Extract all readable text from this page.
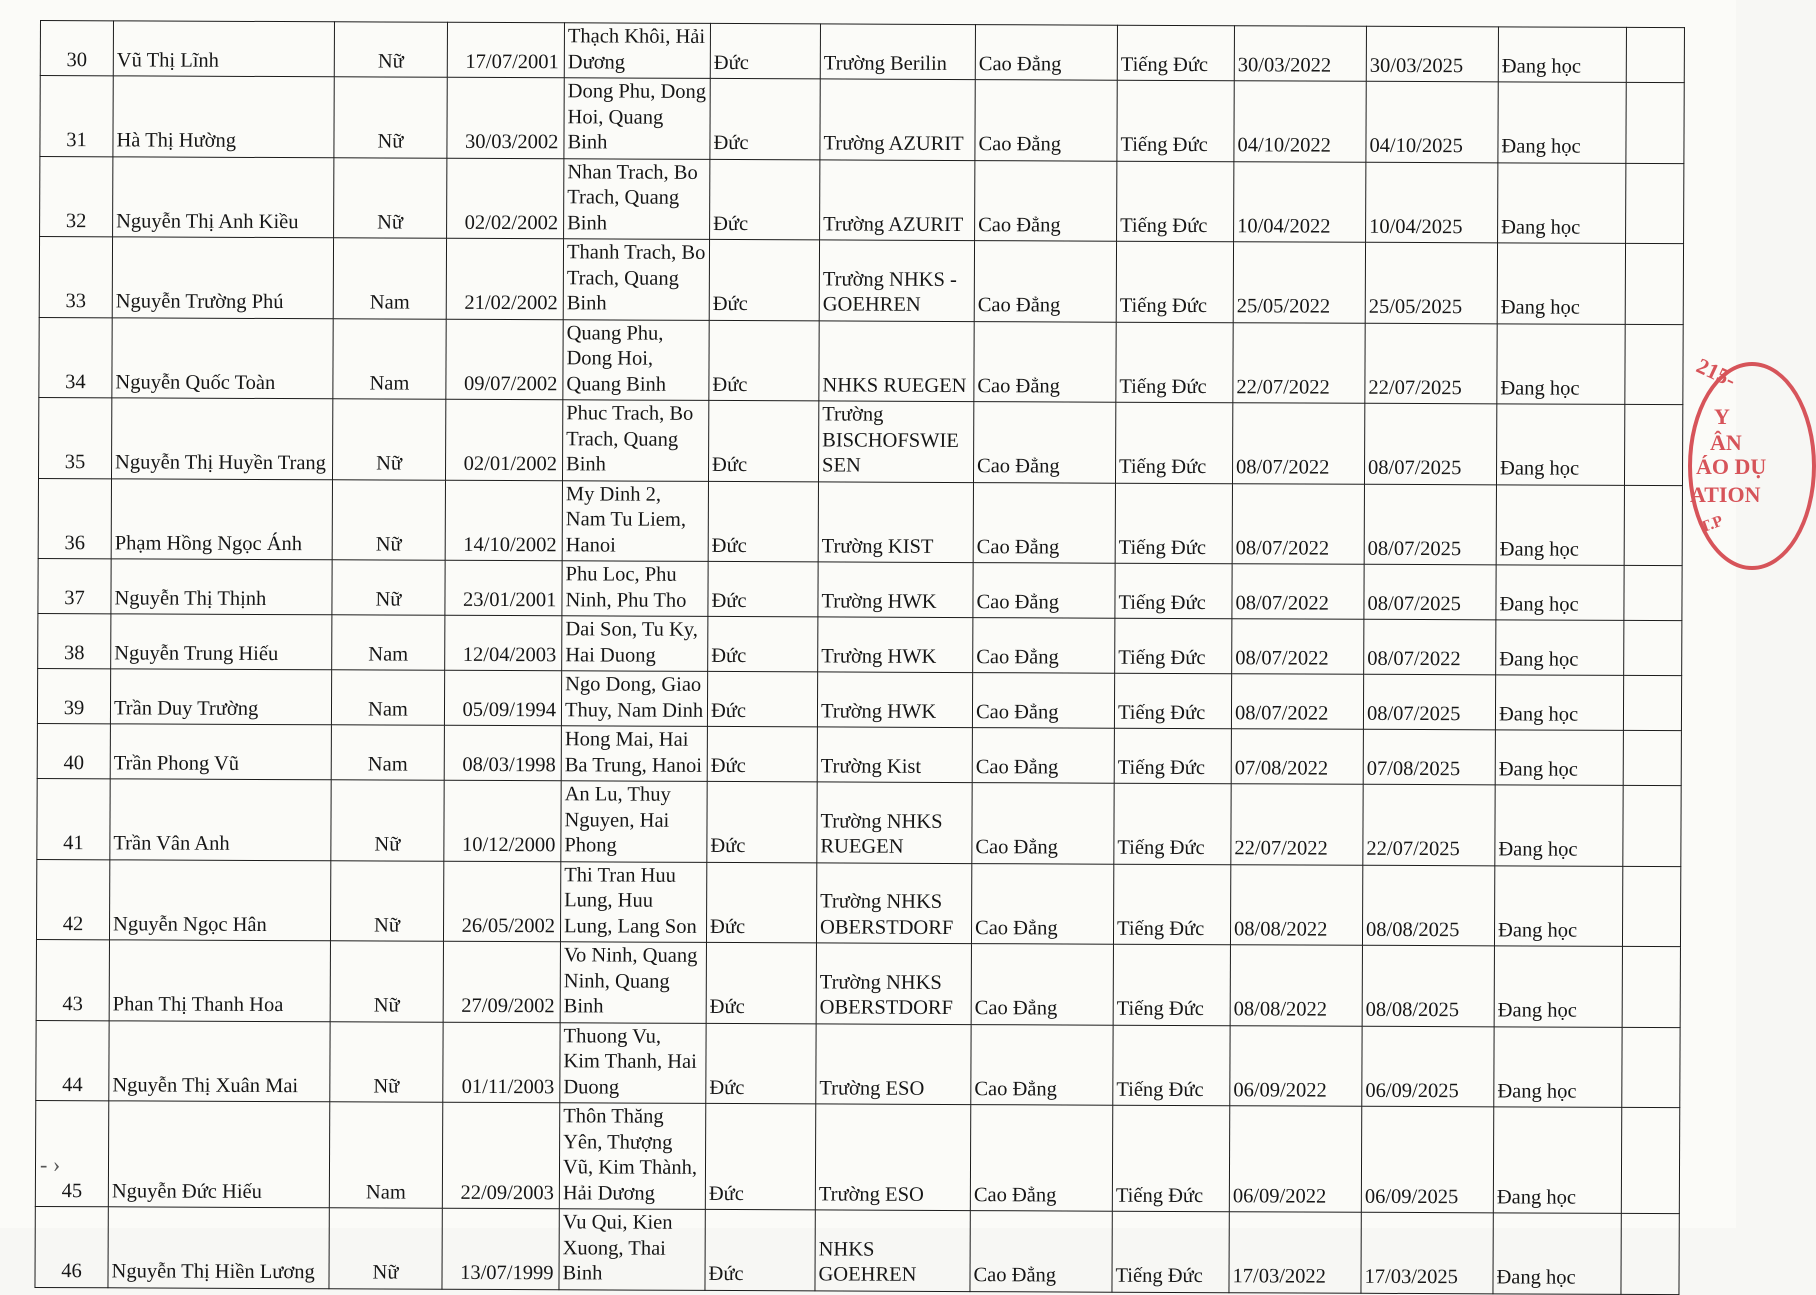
30	Vũ Thị Lĩnh	Nữ	17/07/2001	Thạch Khôi, Hải Dương	Đức	Trường Berilin	Cao Đẳng	Tiếng Đức	30/03/2022	30/03/2025	Đang học	
31	Hà Thị Hường	Nữ	30/03/2002	Dong Phu, Dong Hoi, Quang Binh	Đức	Trường AZURIT	Cao Đẳng	Tiếng Đức	04/10/2022	04/10/2025	Đang học	
32	Nguyễn Thị Anh Kiều	Nữ	02/02/2002	Nhan Trach, Bo Trach, Quang Binh	Đức	Trường AZURIT	Cao Đẳng	Tiếng Đức	10/04/2022	10/04/2025	Đang học	
33	Nguyễn Trường Phú	Nam	21/02/2002	Thanh Trach, Bo Trach, Quang Binh	Đức	Trường NHKS - GOEHREN	Cao Đẳng	Tiếng Đức	25/05/2022	25/05/2025	Đang học	
34	Nguyễn Quốc Toàn	Nam	09/07/2002	Quang Phu, Dong Hoi, Quang Binh	Đức	NHKS RUEGEN	Cao Đẳng	Tiếng Đức	22/07/2022	22/07/2025	Đang học	
35	Nguyễn Thị Huyền Trang	Nữ	02/01/2002	Phuc Trach, Bo Trach, Quang Binh	Đức	Trường BISCHOFSWIESEN	Cao Đẳng	Tiếng Đức	08/07/2022	08/07/2025	Đang học	
36	Phạm Hồng Ngọc Ánh	Nữ	14/10/2002	My Dinh 2, Nam Tu Liem, Hanoi	Đức	Trường KIST	Cao Đẳng	Tiếng Đức	08/07/2022	08/07/2025	Đang học	
37	Nguyễn Thị Thịnh	Nữ	23/01/2001	Phu Loc, Phu Ninh, Phu Tho	Đức	Trường HWK	Cao Đẳng	Tiếng Đức	08/07/2022	08/07/2025	Đang học	
38	Nguyễn Trung Hiếu	Nam	12/04/2003	Dai Son, Tu Ky, Hai Duong	Đức	Trường HWK	Cao Đẳng	Tiếng Đức	08/07/2022	08/07/2022	Đang học	
39	Trần Duy Trường	Nam	05/09/1994	Ngo Dong, Giao Thuy, Nam Dinh	Đức	Trường HWK	Cao Đẳng	Tiếng Đức	08/07/2022	08/07/2025	Đang học	
40	Trần Phong Vũ	Nam	08/03/1998	Hong Mai, Hai Ba Trung, Hanoi	Đức	Trường Kist	Cao Đẳng	Tiếng Đức	07/08/2022	07/08/2025	Đang học	
41	Trần Vân Anh	Nữ	10/12/2000	An Lu, Thuy Nguyen, Hai Phong	Đức	Trường NHKS RUEGEN	Cao Đẳng	Tiếng Đức	22/07/2022	22/07/2025	Đang học	
42	Nguyễn Ngọc Hân	Nữ	26/05/2002	Thi Tran Huu Lung, Huu Lung, Lang Son	Đức	Trường NHKS OBERSTDORF	Cao Đẳng	Tiếng Đức	08/08/2022	08/08/2025	Đang học	
43	Phan Thị Thanh Hoa	Nữ	27/09/2002	Vo Ninh, Quang Ninh, Quang Binh	Đức	Trường NHKS OBERSTDORF	Cao Đẳng	Tiếng Đức	08/08/2022	08/08/2025	Đang học	
44	Nguyễn Thị Xuân Mai	Nữ	01/11/2003	Thuong Vu, Kim Thanh, Hai Duong	Đức	Trường ESO	Cao Đẳng	Tiếng Đức	06/09/2022	06/09/2025	Đang học	
45	Nguyễn Đức Hiếu	Nam	22/09/2003	Thôn Thăng Yên, Thượng Vũ, Kim Thành, Hải Dương	Đức	Trường ESO	Cao Đẳng	Tiếng Đức	06/09/2022	06/09/2025	Đang học	
46	Nguyễn Thị Hiền Lương	Nữ	13/07/1999	Vu Qui, Kien Xuong, Thai Binh	Đức	NHKS GOEHREN	Cao Đẳng	Tiếng Đức	17/03/2022	17/03/2025	Đang học	
215-
Y
ÂN
ÁO DỤ
ATION
T.P
- ›
